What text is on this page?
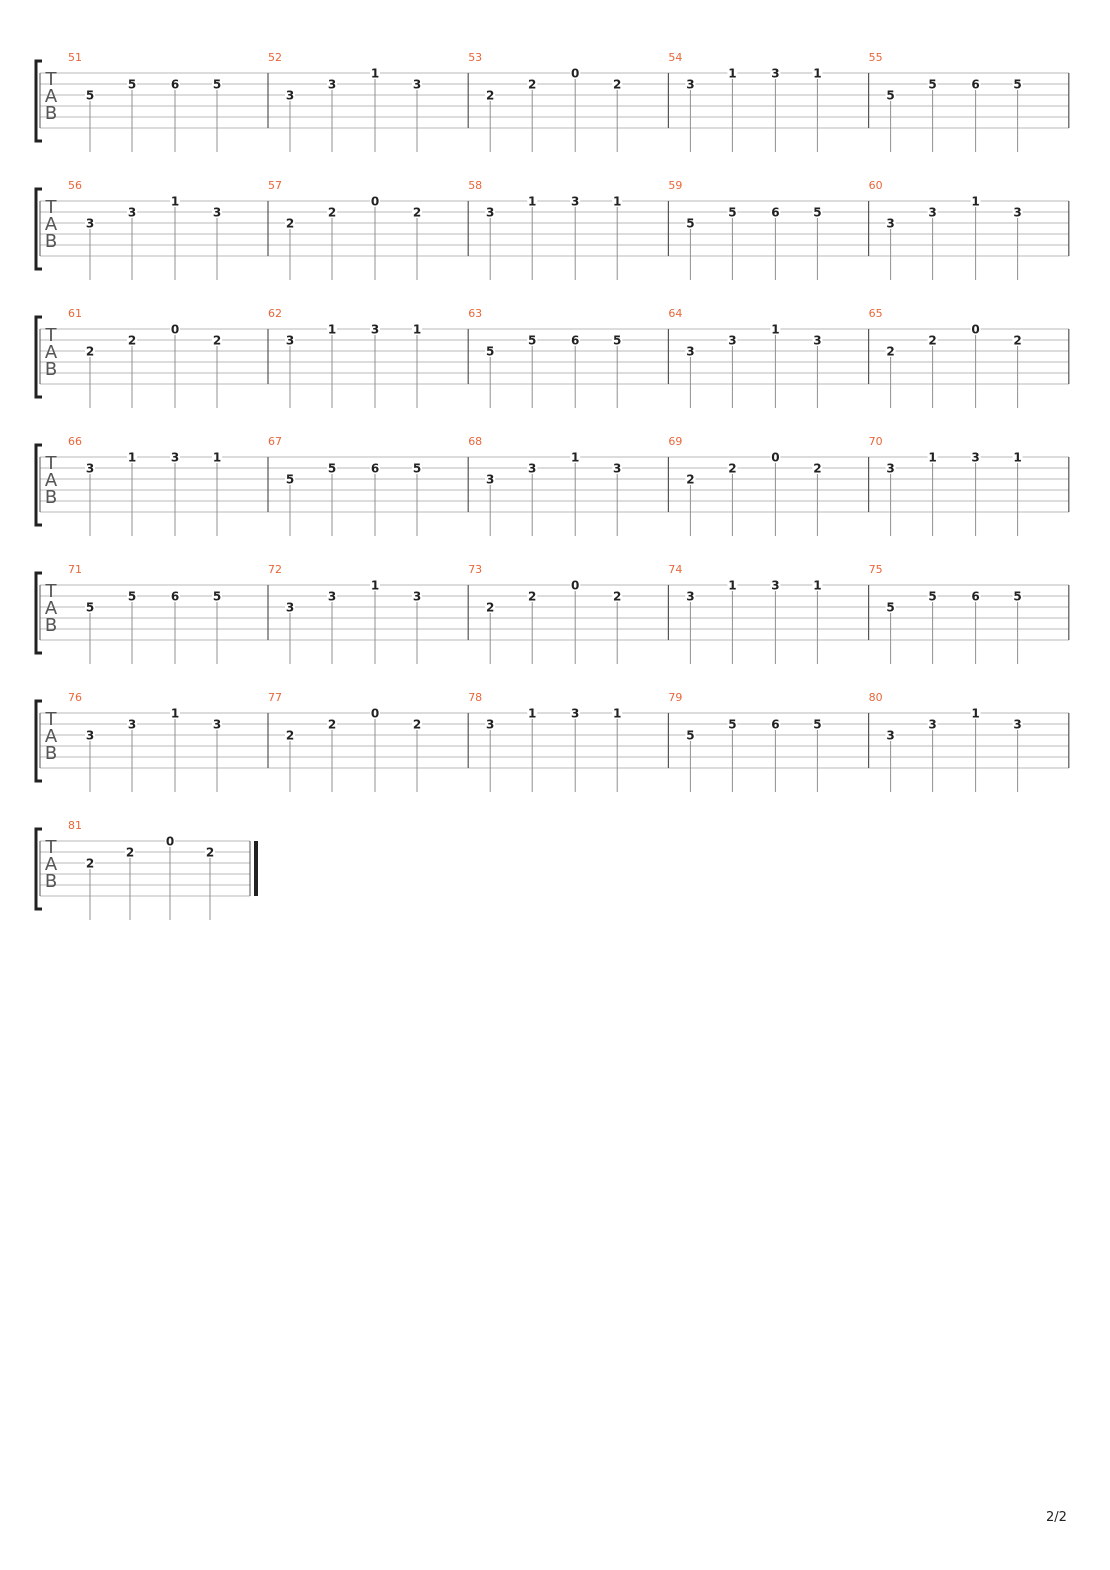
T
A
B
51
5
5	6	5
52
3
3
1
3
53
2
2
0
2
54
3
1	3	1
55
5
5	6	5
T
A
B
56
3
3
1
3
57
2
2
0
2
58
3
1	3	1
59
5
5	6	5
60
3
3
1
3
T
A
B
61
2
2
0
2
62
3
1	3	1
63
5
5	6	5
64
3
3
1
3
65
2
2
0
2
T
A
B
66
3
1	3	1
67
5
5	6	5
68
3
3
1
3
69
2
2
0
2
70
3
1	3	1
T
A
B
71
5
5	6	5
72
3
3
1
3
73
2
2
0
2
74
3
1	3	1
75
5
5	6	5
T
A
B
76
3
3
1
3
77
2
2
0
2
78
3
1	3	1
79
5
5	6	5
80
3
3
1
3
T
A
B
81
2
2
0
2
2/2
